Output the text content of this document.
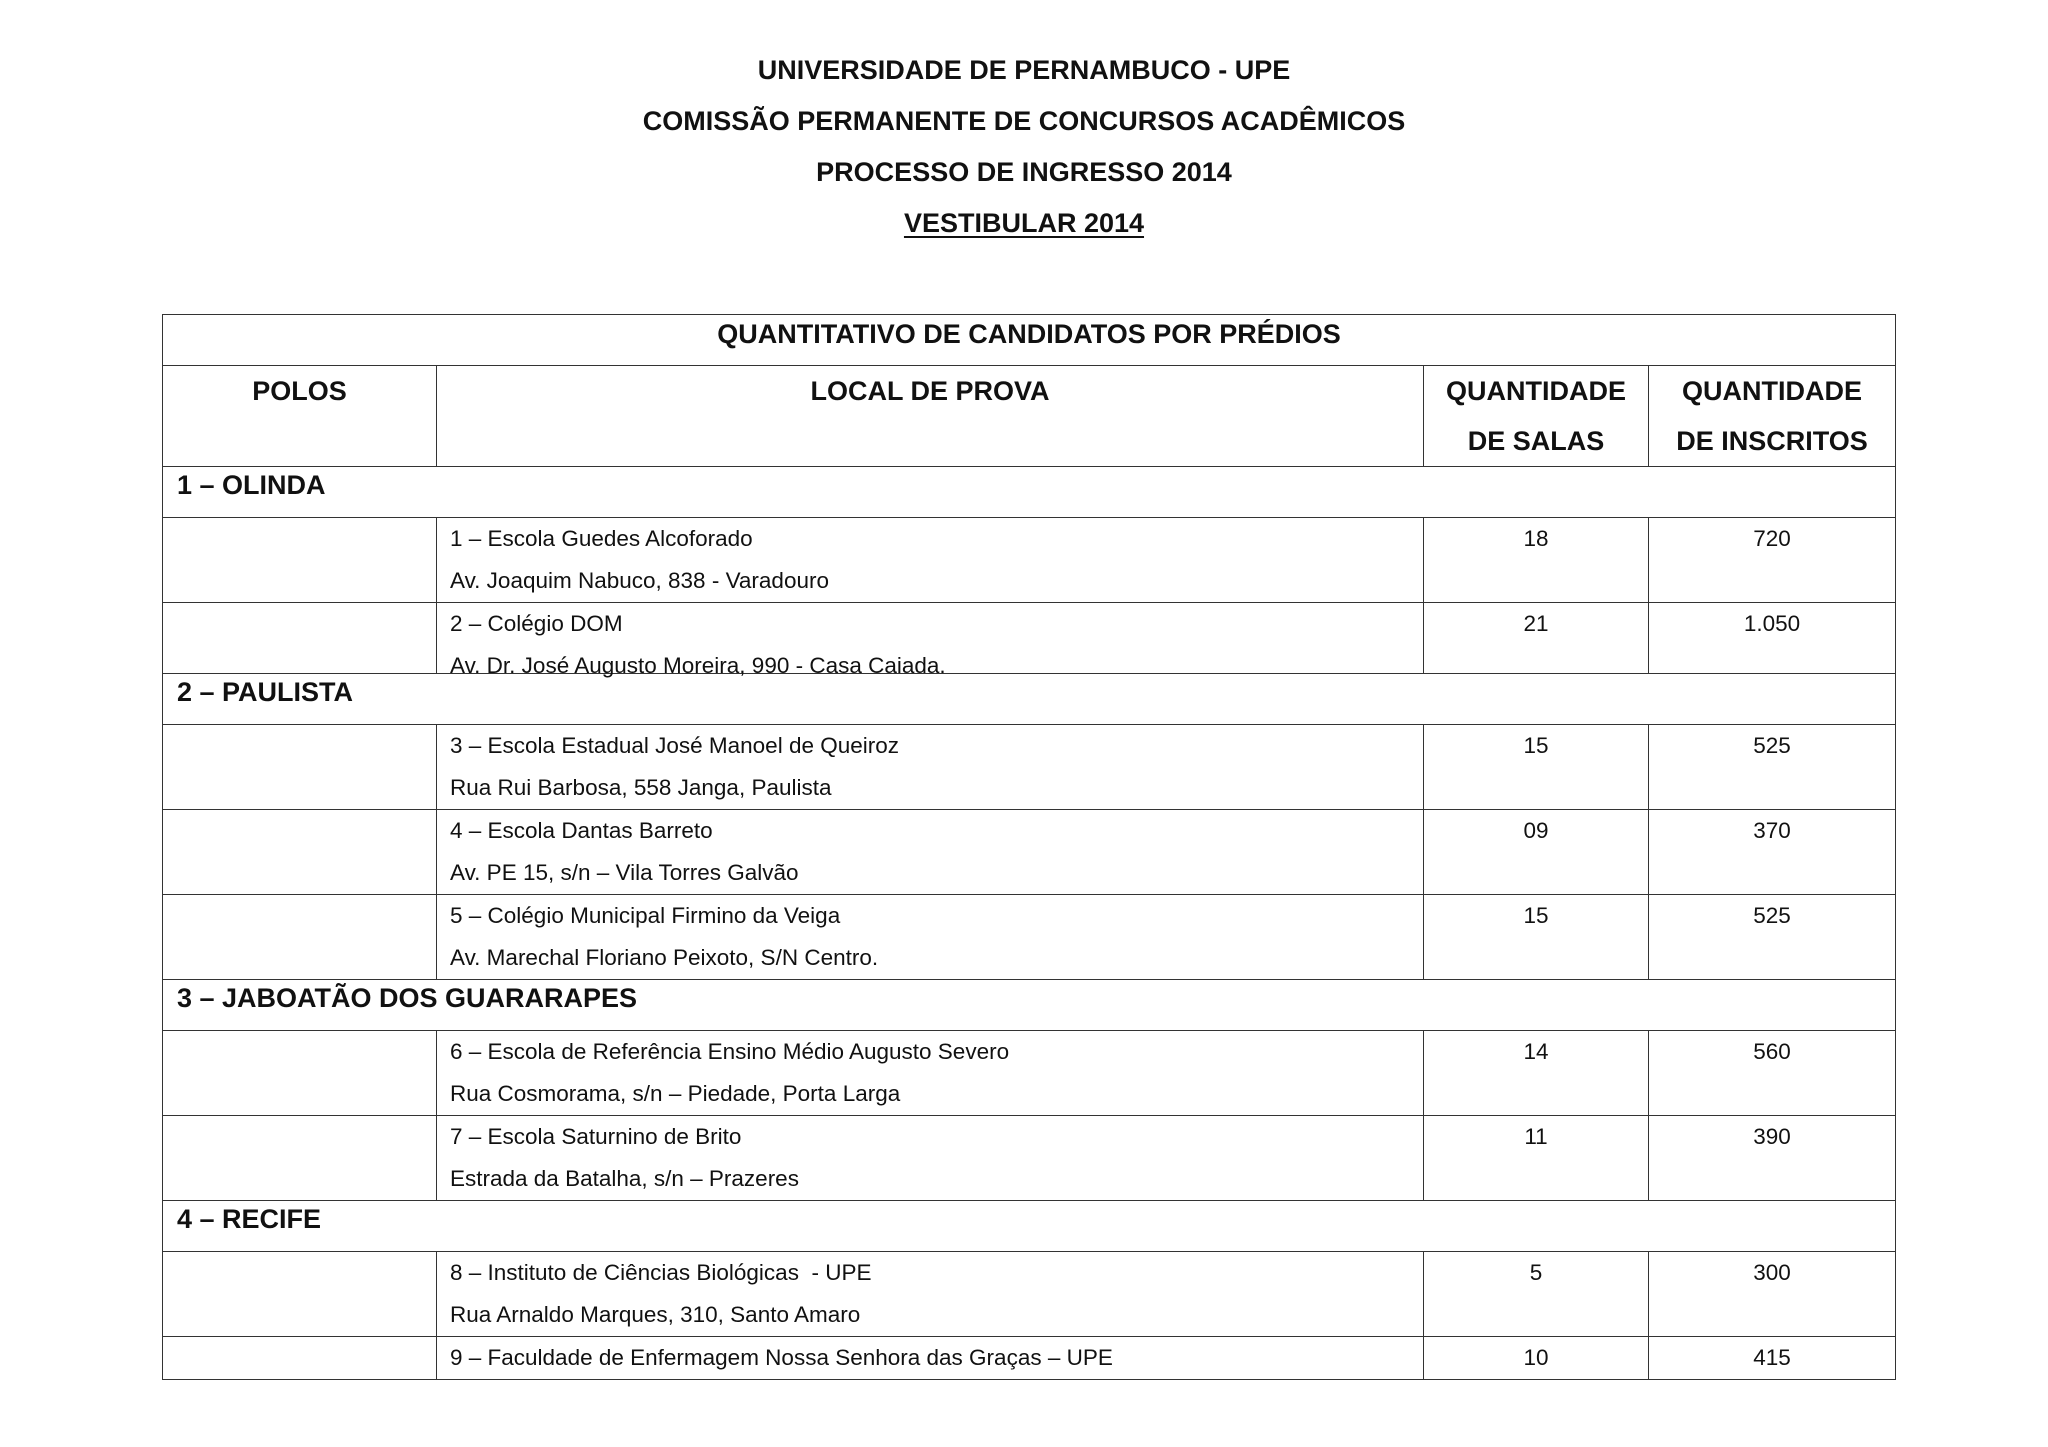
UNIVERSIDADE DE PERNAMBUCO - UPE
COMISSÃO PERMANENTE DE CONCURSOS ACADÊMICOS
PROCESSO DE INGRESSO 2014
VESTIBULAR 2014
QUANTITATIVO DE CANDIDATOS POR PRÉDIOS			

POLOS	LOCAL DE PROVA	QUANTIDADE
DE SALAS	QUANTIDADE
DE INSCRITOS

1 – OLINDA			

	1 – Escola Guedes Alcoforado
Av. Joaquim Nabuco, 838 - Varadouro	18	720

	2 – Colégio DOM
Av. Dr. José Augusto Moreira, 990 - Casa Caiada.	21	1.050
2 – PAULISTA			

	3 – Escola Estadual José Manoel de Queiroz
Rua Rui Barbosa, 558 Janga, Paulista	15	525

	4 – Escola Dantas Barreto
Av. PE 15, s/n – Vila Torres Galvão	09	370

	5 – Colégio Municipal Firmino da Veiga
Av. Marechal Floriano Peixoto, S/N Centro.	15	525
3 – JABOATÃO DOS GUARARAPES			

	6 – Escola de Referência Ensino Médio Augusto Severo
Rua Cosmorama, s/n – Piedade, Porta Larga	14	560

	7 – Escola Saturnino de Brito
Estrada da Batalha, s/n – Prazeres	11	390
4 – RECIFE			

	8 – Instituto de Ciências Biológicas  - UPE
Rua Arnaldo Marques, 310, Santo Amaro	5	300

	9 – Faculdade de Enfermagem Nossa Senhora das Graças – UPE	10	415
